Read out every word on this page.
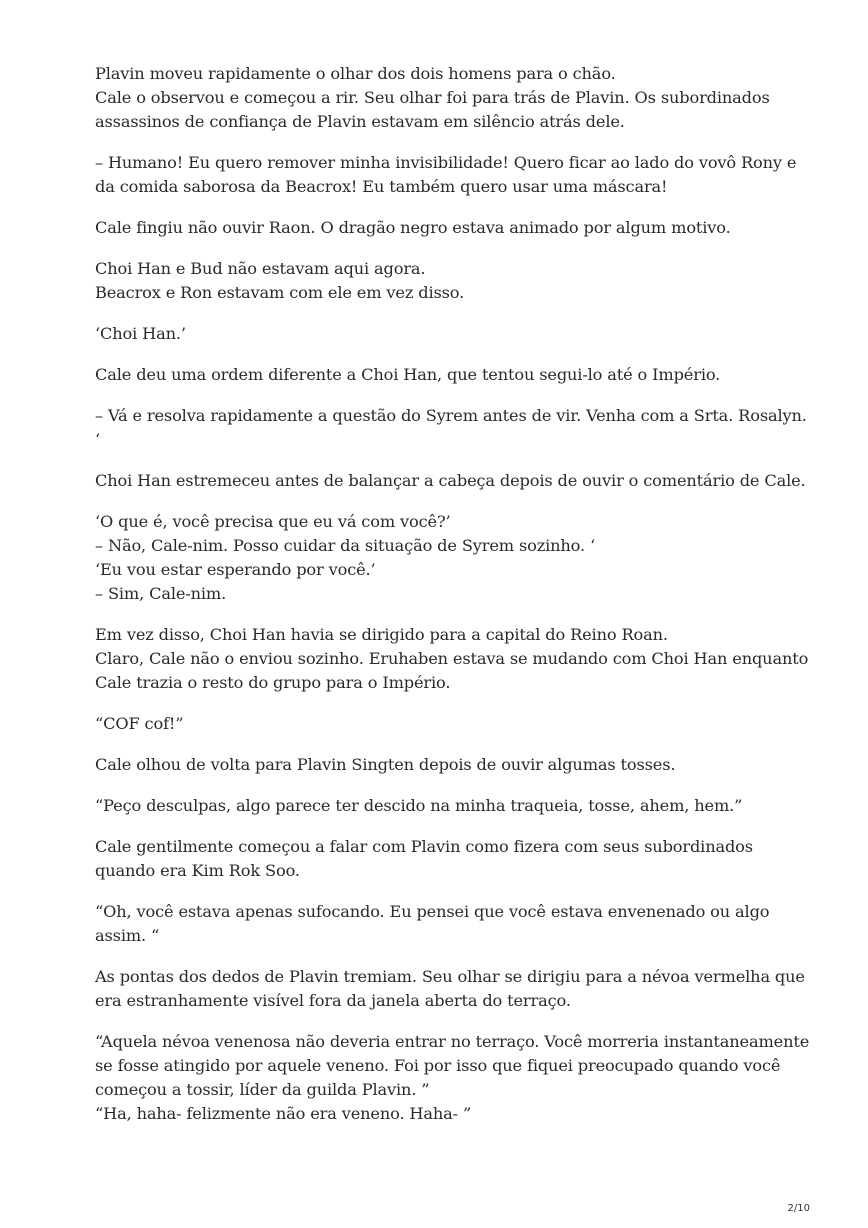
Plavin moveu rapidamente o olhar dos dois homens para o chão.
Cale o observou e começou a rir. Seu olhar foi para trás de Plavin. Os subordinados
assassinos de confiança de Plavin estavam em silêncio atrás dele.

– Humano! Eu quero remover minha invisibilidade! Quero ficar ao lado do vovô Rony e
da comida saborosa da Beacrox! Eu também quero usar uma máscara!

Cale fingiu não ouvir Raon. O dragão negro estava animado por algum motivo.

Choi Han e Bud não estavam aqui agora.
Beacrox e Ron estavam com ele em vez disso.

‘Choi Han.’

Cale deu uma ordem diferente a Choi Han, que tentou segui-lo até o Império.

– Vá e resolva rapidamente a questão do Syrem antes de vir. Venha com a Srta. Rosalyn.
‘

Choi Han estremeceu antes de balançar a cabeça depois de ouvir o comentário de Cale.

‘O que é, você precisa que eu vá com você?’
– Não, Cale-nim. Posso cuidar da situação de Syrem sozinho. ‘
‘Eu vou estar esperando por você.’
– Sim, Cale-nim.

Em vez disso, Choi Han havia se dirigido para a capital do Reino Roan.
Claro, Cale não o enviou sozinho. Eruhaben estava se mudando com Choi Han enquanto
Cale trazia o resto do grupo para o Império.

“COF cof!”

Cale olhou de volta para Plavin Singten depois de ouvir algumas tosses.

“Peço desculpas, algo parece ter descido na minha traqueia, tosse, ahem, hem.”

Cale gentilmente começou a falar com Plavin como fizera com seus subordinados
quando era Kim Rok Soo.

“Oh, você estava apenas sufocando. Eu pensei que você estava envenenado ou algo
assim. “

As pontas dos dedos de Plavin tremiam. Seu olhar se dirigiu para a névoa vermelha que
era estranhamente visível fora da janela aberta do terraço.

“Aquela névoa venenosa não deveria entrar no terraço. Você morreria instantaneamente
se fosse atingido por aquele veneno. Foi por isso que fiquei preocupado quando você
começou a tossir, líder da guilda Plavin. ”
“Ha, haha- felizmente não era veneno. Haha- ”

2/10
